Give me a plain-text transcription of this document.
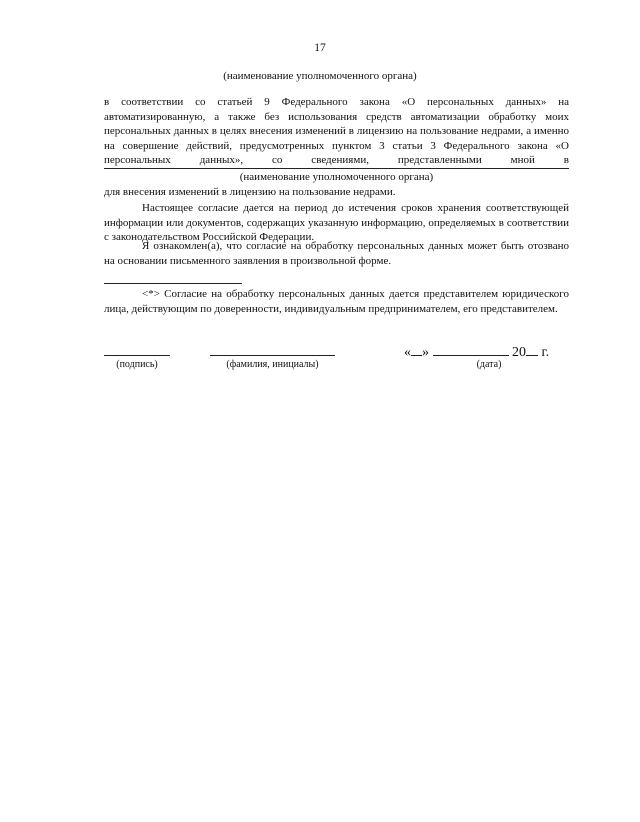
17
(наименование уполномоченного органа)

в соответствии со статьей 9 Федерального закона «О персональных данных» на автоматизированную, а также без использования средств автоматизации обработку моих персональных данных в целях внесения изменений в лицензию на пользование недрами, а именно на совершение действий, предусмотренных пунктом 3 статьи 3 Федерального закона «О персональных данных», со сведениями, представленными мной в

(наименование уполномоченного органа)

для внесения изменений в лицензию на пользование недрами.

Настоящее согласие дается на период до истечения сроков хранения соответствующей информации или документов, содержащих указанную информацию, определяемых в соответствии с законодательством Российской Федерации.

Я ознакомлен(а), что согласие на обработку персональных данных может быть отозвано на основании письменного заявления в произвольной форме.

<*> Согласие на обработку персональных данных дается представителем юридического лица, действующим по доверенности, индивидуальным предпринимателем, его представителем.

(подпись)	(фамилия, инициалы)
« »	20 г.
(дата)
